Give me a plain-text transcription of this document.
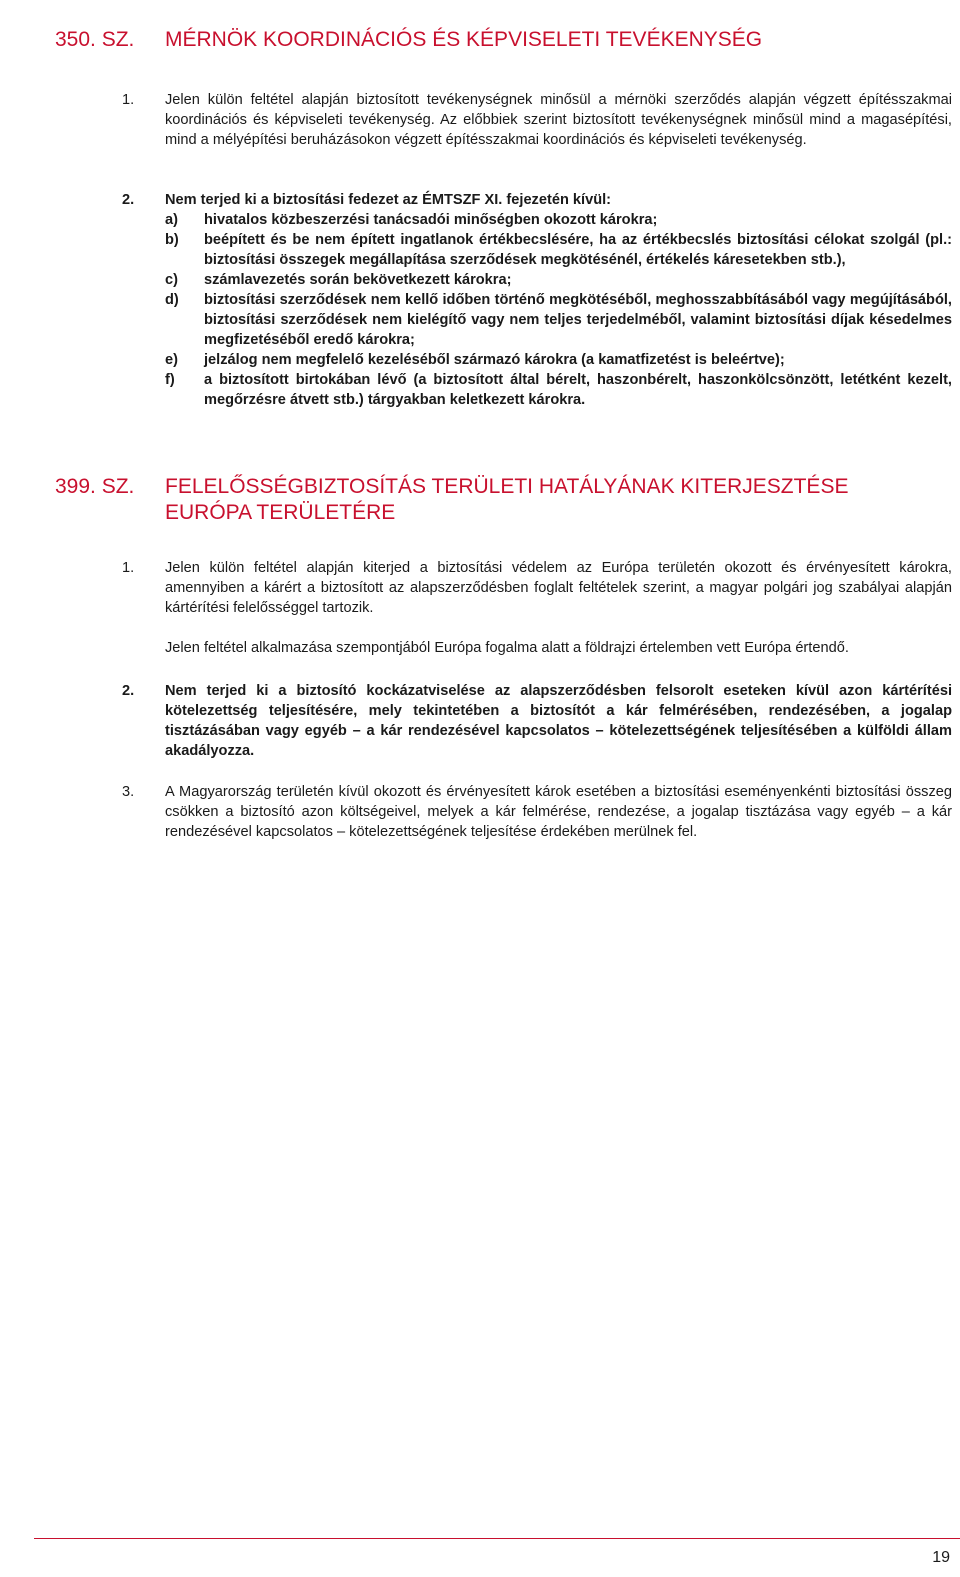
350. SZ. MÉRNÖK KOORDINÁCIÓS ÉS KÉPVISELETI TEVÉKENYSÉG
1. Jelen külön feltétel alapján biztosított tevékenységnek minősül a mérnöki szerződés alapján végzett építésszakmai koordinációs és képviseleti tevékenység. Az előbbiek szerint biztosított tevékenységnek minősül mind a magasépítési, mind a mélyépítési beruházásokon végzett építésszakmai koordinációs és képviseleti tevékenység.
2. Nem terjed ki a biztosítási fedezet az ÉMTSZF XI. fejezetén kívül:
a) hivatalos közbeszerzési tanácsadói minőségben okozott károkra;
b) beépített és be nem épített ingatlanok értékbecslésére, ha az értékbecslés biztosítási célokat szolgál (pl.: biztosítási összegek megállapítása szerződések megkötésénél, értékelés káresetekben stb.),
c) számlavezetés során bekövetkezett károkra;
d) biztosítási szerződések nem kellő időben történő megkötéséből, meghosszabbításából vagy megújításából, biztosítási szerződések nem kielégítő vagy nem teljes terjedelméből, valamint biztosítási díjak késedelmes megfizetéséből eredő károkra;
e) jelzálog nem megfelelő kezeléséből származó károkra (a kamatfizetést is beleértve);
f) a biztosított birtokában lévő (a biztosított által bérelt, haszonbérelt, haszonkölcsönzött, letétként kezelt, megőrzésre átvett stb.) tárgyakban keletkezett károkra.
399. SZ. FELELŐSSÉGBIZTOSÍTÁS TERÜLETI HATÁLYÁNAK KITERJESZTÉSE EURÓPA TERÜLETÉRE
1. Jelen külön feltétel alapján kiterjed a biztosítási védelem az Európa területén okozott és érvényesített károkra, amennyiben a kárért a biztosított az alapszerződésben foglalt feltételek szerint, a magyar polgári jog szabályai alapján kártérítési felelősséggel tartozik.
Jelen feltétel alkalmazása szempontjából Európa fogalma alatt a földrajzi értelemben vett Európa értendő.
2. Nem terjed ki a biztosító kockázatviselése az alapszerződésben felsorolt eseteken kívül azon kártérítési kötelezettség teljesítésére, mely tekintetében a biztosítót a kár felmérésében, rendezésében, a jogalap tisztázásában vagy egyéb – a kár rendezésével kapcsolatos – kötelezettségének teljesítésében a külföldi állam akadályozza.
3. A Magyarország területén kívül okozott és érvényesített károk esetében a biztosítási eseményenkénti biztosítási összeg csökken a biztosító azon költségeivel, melyek a kár felmérése, rendezése, a jogalap tisztázása vagy egyéb – a kár rendezésével kapcsolatos – kötelezettségének teljesítése érdekében merülnek fel.
19
